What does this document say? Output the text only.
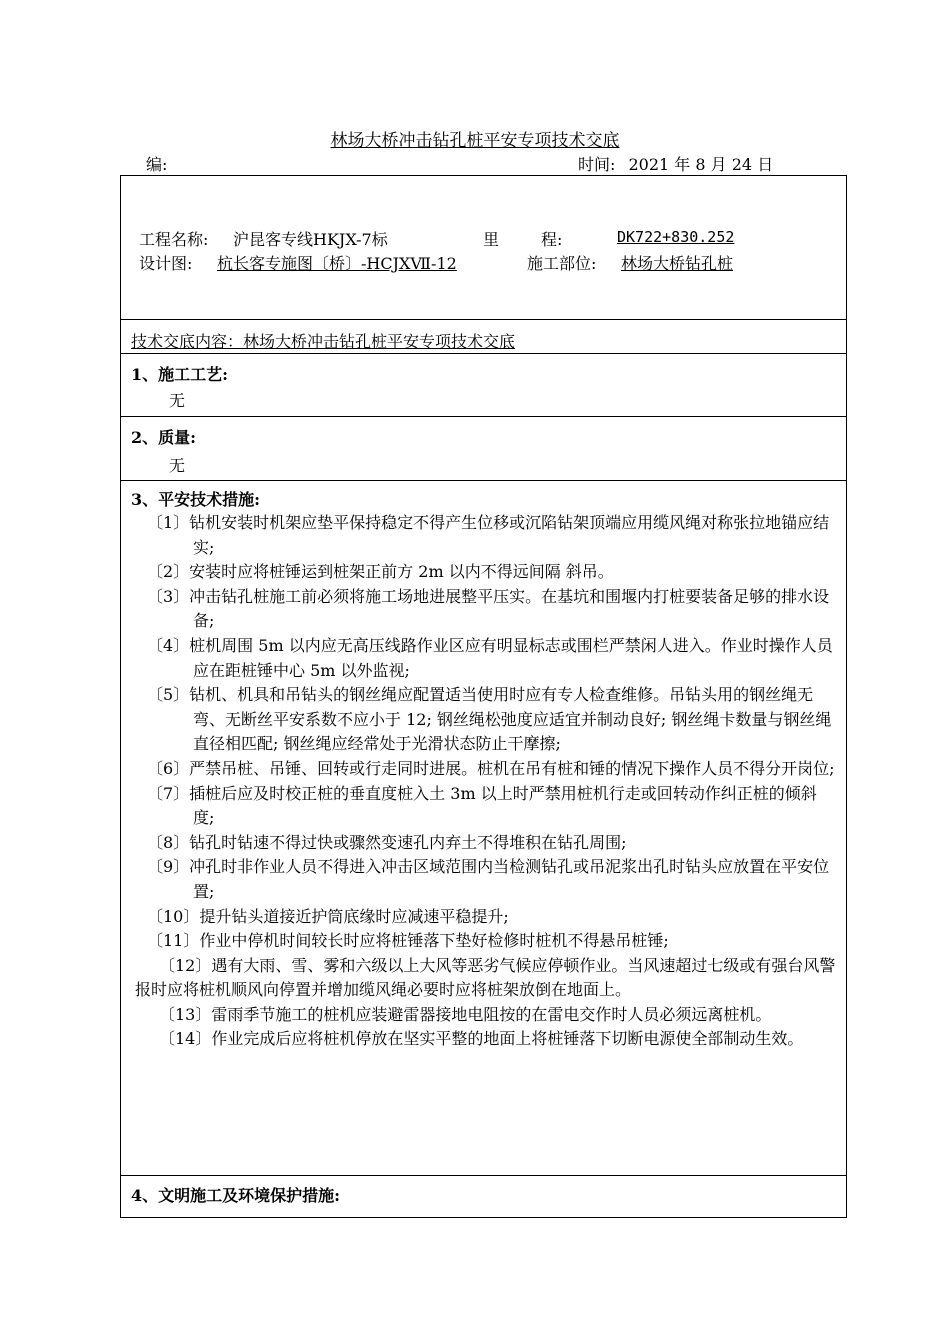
林场大桥冲击钻孔桩平安专项技术交底
编:	时间: 2021 年 8 月 24 日
工程名称: 沪昆客专线HKJX-7标	里	程:	DK722+830.252
设计图: 杭长客专施图〔桥〕-HCJXⅦ-12	施工部位: 林场大桥钻孔桩
技术交底内容：林场大桥冲击钻孔桩平安专项技术交底
1、施工工艺:
无
2、质量:
无
3、平安技术措施:

〔1〕钻机安装时机架应垫平保持稳定不得产生位移或沉陷钻架顶端应用缆风绳对称张拉地锚应结实;

〔2〕安装时应将桩锤运到桩架正前方 2m 以内不得远间隔 斜吊。

〔3〕冲击钻孔桩施工前必须将施工场地进展整平压实。在基坑和围堰内打桩要装备足够的排水设备;

〔4〕桩机周围 5m 以内应无高压线路作业区应有明显标志或围栏严禁闲人进入。作业时操作人员应在距桩锤中心 5m 以外监视;

〔5〕钻机、机具和吊钻头的钢丝绳应配置适当使用时应有专人检查维修。吊钻头用的钢丝绳无弯、无断丝平安系数不应小于 12; 钢丝绳松弛度应适宜并制动良好; 钢丝绳卡数量与钢丝绳直径相匹配; 钢丝绳应经常处于光滑状态防止干摩擦;

〔6〕严禁吊桩、吊锤、回转或行走同时进展。桩机在吊有桩和锤的情况下操作人员不得分开岗位;

〔7〕插桩后应及时校正桩的垂直度桩入土 3m 以上时严禁用桩机行走或回转动作纠正桩的倾斜度;

〔8〕钻孔时钻速不得过快或骤然变速孔内弃土不得堆积在钻孔周围;

〔9〕冲孔时非作业人员不得进入冲击区域范围内当检测钻孔或吊泥浆出孔时钻头应放置在平安位置;

〔10〕提升钻头道接近护筒底缘时应减速平稳提升;

〔11〕作业中停机时间较长时应将桩锤落下垫好检修时桩机不得悬吊桩锤;

〔12〕遇有大雨、雪、雾和六级以上大风等恶劣气候应停顿作业。当风速超过七级或有强台风警报时应将桩机顺风向停置并增加缆风绳必要时应将桩架放倒在地面上。

〔13〕雷雨季节施工的桩机应装避雷器接地电阻按的在雷电交作时人员必须远离桩机。

〔14〕作业完成后应将桩机停放在坚实平整的地面上将桩锤落下切断电源使全部制动生效。

4、文明施工及环境保护措施:
